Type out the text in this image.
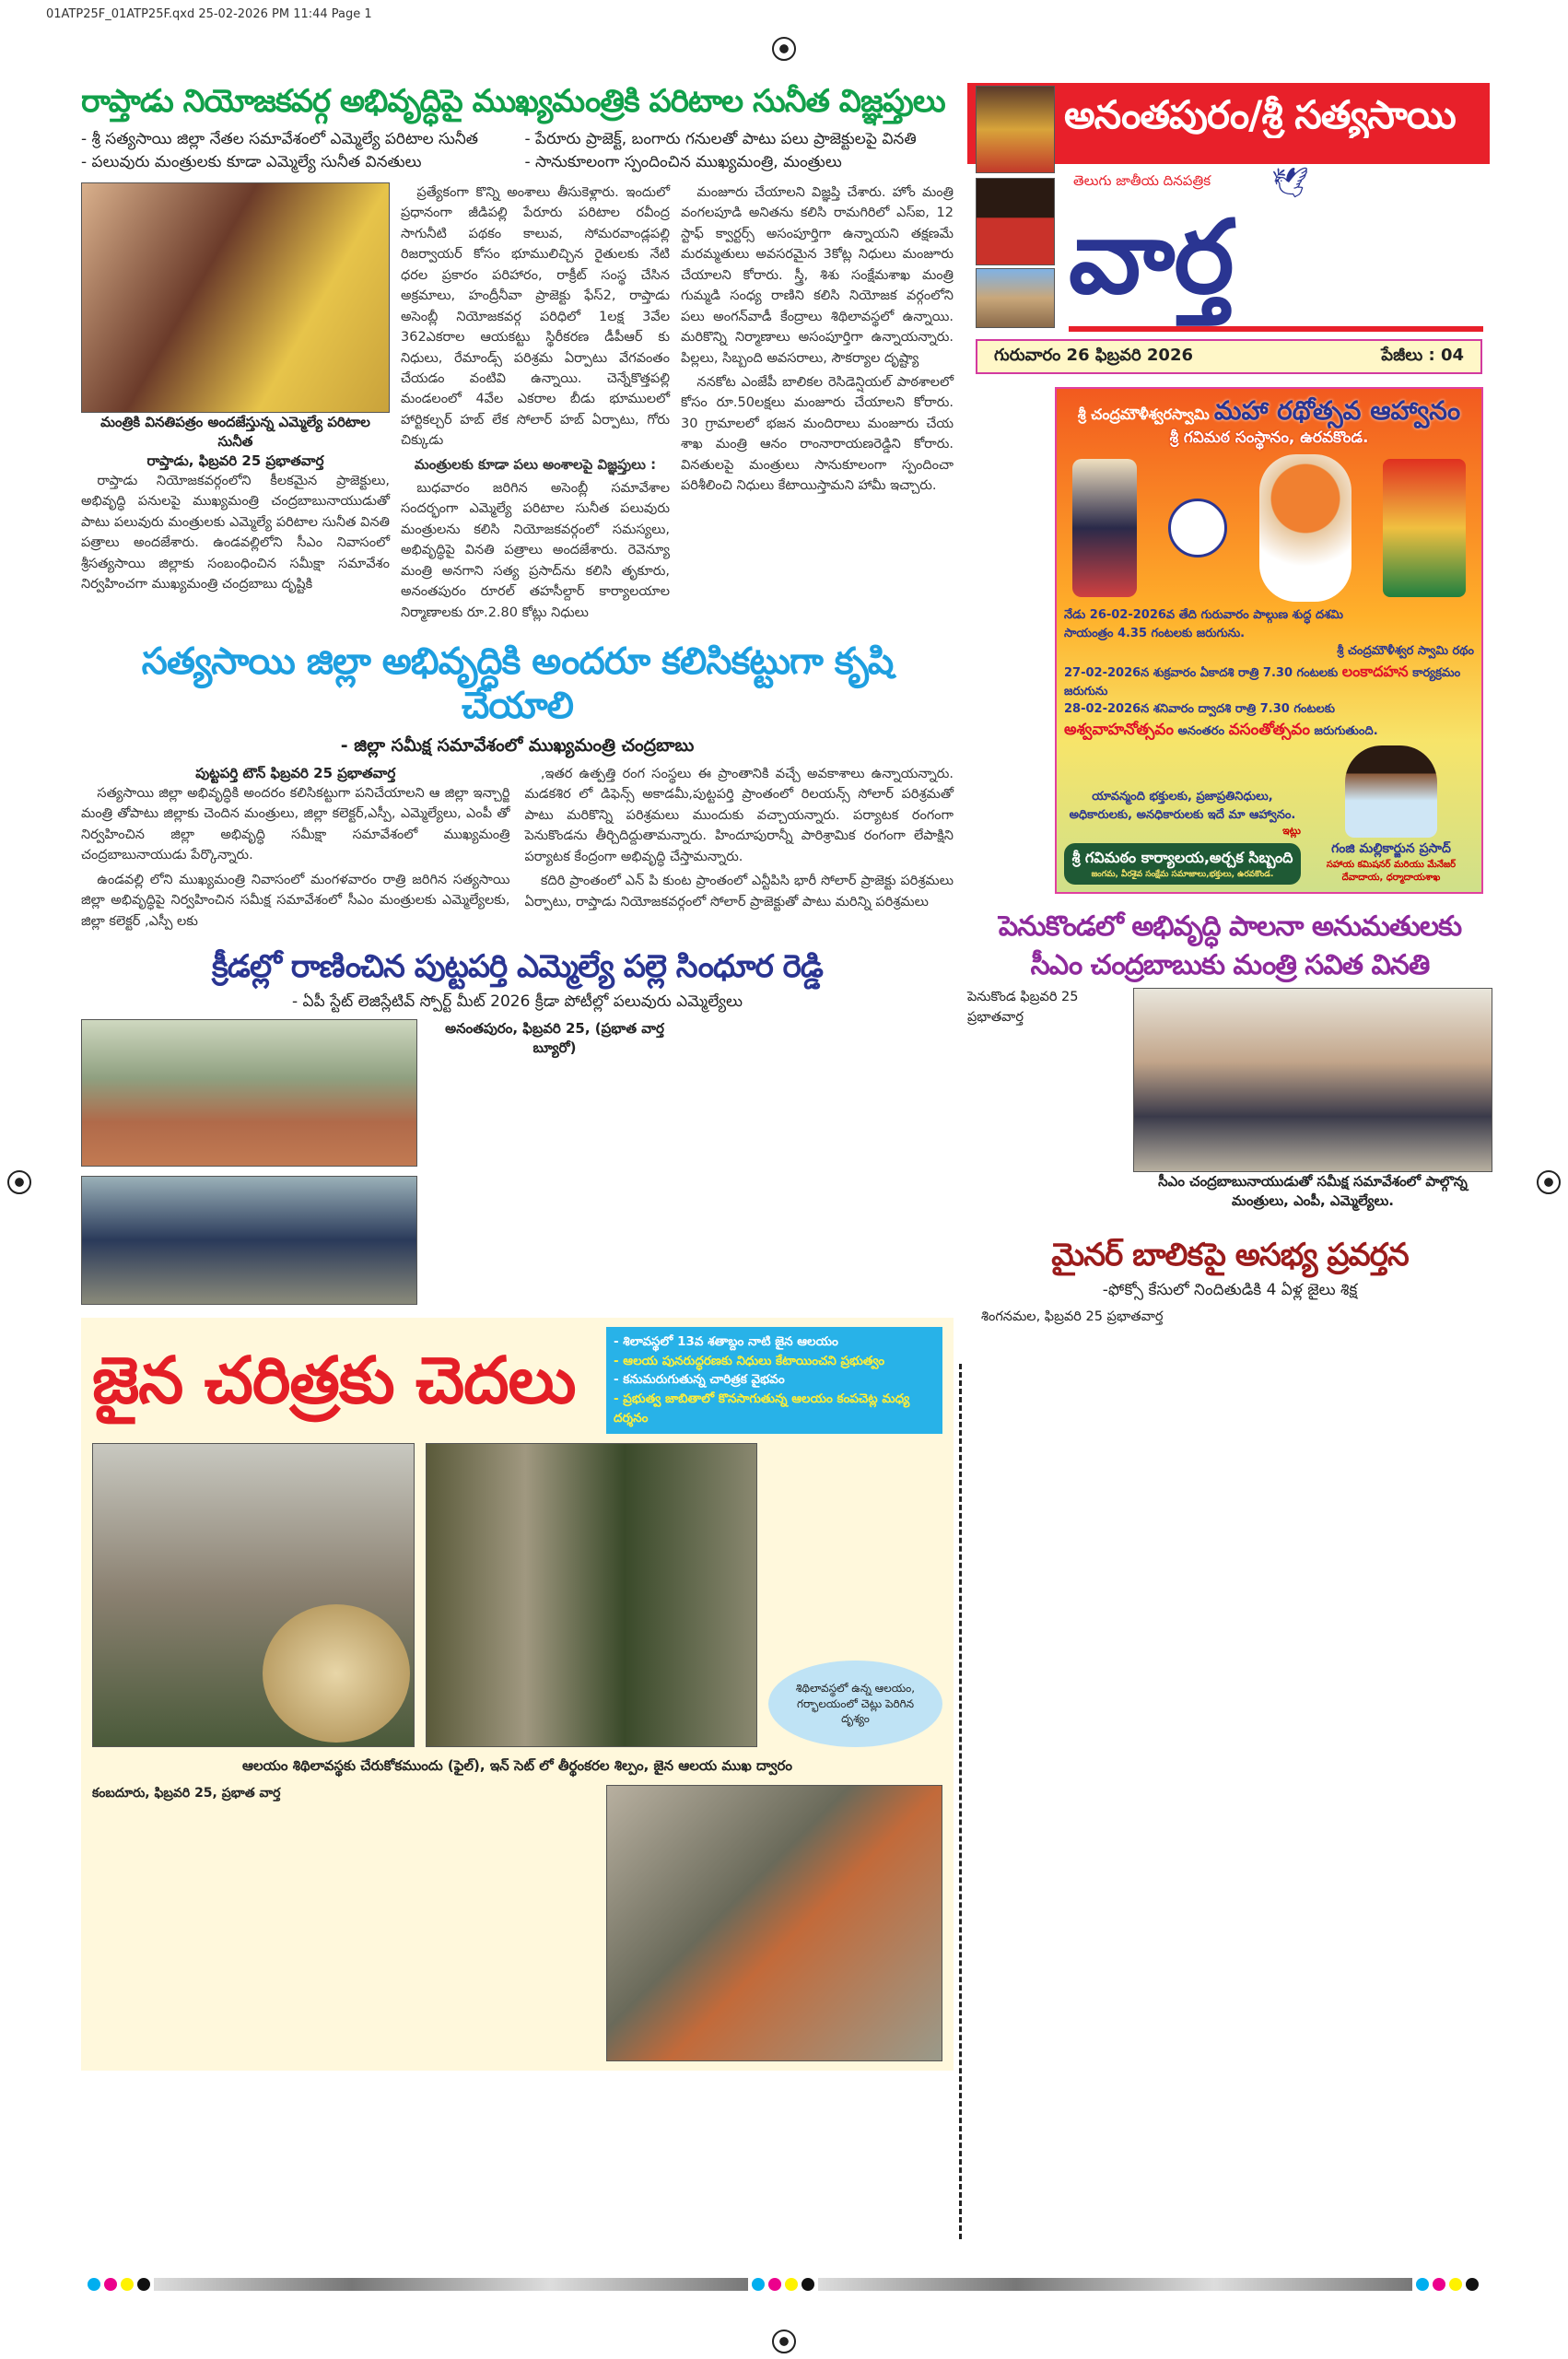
01ATP25F_01ATP25F.qxd 25-02-2026 PM 11:44 Page 1
రాప్తాడు నియోజకవర్గ అభివృద్ధిపై ముఖ్యమంత్రికి పరిటాల సునీత విజ్ఞప్తులు
- శ్రీ సత్యసాయి జిల్లా నేతల సమావేశంలో ఎమ్మెల్యే పరిటాల సునీత	- పేరూరు ప్రాజెక్ట్, బంగారు గనులతో పాటు పలు ప్రాజెక్టులపై వినతి
- పలువురు మంత్రులకు కూడా ఎమ్మెల్యే సునీత వినతులు	- సానుకూలంగా స్పందించిన ముఖ్యమంత్రి, మంత్రులు
మంత్రికి వినతిపత్రం అందజేస్తున్న ఎమ్మెల్యే పరిటాల సునీత
రాప్తాడు, ఫిబ్రవరి 25 ప్రభాతవార్త

రాప్తాడు నియోజకవర్గంలోని కీలకమైన ప్రాజెక్టులు, అభివృద్ధి పనులపై ముఖ్యమంత్రి చంద్రబాబునాయుడుతో పాటు పలువురు మంత్రులకు ఎమ్మెల్యే పరిటాల సునీత వినతి పత్రాలు అందజేశారు. ఉండవల్లిలోని సీఎం నివాసంలో శ్రీసత్యసాయి జిల్లాకు సంబంధించిన సమీక్షా సమావేశం నిర్వహించగా ముఖ్యమంత్రి చంద్రబాబు దృష్టికి

ప్రత్యేకంగా కొన్ని అంశాలు తీసుకెళ్లారు. ఇందులో ప్రధానంగా జీడిపల్లి పేరూరు పరిటాల రవీంద్ర సాగునీటి పథకం కాలువ, సోమరవాండ్లపల్లి రిజర్వాయర్ కోసం భూములిచ్చిన రైతులకు నేటి ధరల ప్రకారం పరిహారం, రాక్రీట్ సంస్థ చేసిన అక్రమాలు, హంద్రీనీవా ప్రాజెక్టు ఫేస్2, రాప్తాడు అసెంబ్లీ నియోజకవర్గ పరిధిలో 1లక్ష 3వేల 362ఎకరాల ఆయకట్టు స్థిరీకరణ డీపీఆర్ కు నిధులు, రేమాండ్స్ పరిశ్రమ ఏర్పాటు వేగవంతం చేయడం వంటివి ఉన్నాయి. చెన్నేకొత్తపల్లి మండలంలో 4వేల ఎకరాల బీడు భూములలో హార్టికల్చర్ హబ్ లేక సోలార్ హబ్ ఏర్పాటు, గోరు చిక్కుడు

మంత్రులకు కూడా పలు అంశాలపై విజ్ఞప్తులు :

బుధవారం జరిగిన అసెంబ్లీ సమావేశాల సందర్భంగా ఎమ్మెల్యే పరిటాల సునీత పలువురు మంత్రులను కలిసి నియోజకవర్గంలో సమస్యలు, అభివృద్ధిపై వినతి పత్రాలు అందజేశారు. రెవెన్యూ మంత్రి అనగాని సత్య ప్రసాద్‌ను కలిసి తృకూరు, అనంతపురం రూరల్ తహసీల్దార్ కార్యాలయాల నిర్మాణాలకు రూ.2.80 కోట్లు నిధులు

మంజూరు చేయాలని విజ్ఞప్తి చేశారు. హోం మంత్రి వంగలపూడి అనితను కలిసి రామగిరిలో ఎస్ఐ, 12 స్టాఫ్ క్వార్టర్స్ అసంపూర్తిగా ఉన్నాయని తక్షణమే మరమ్మతులు అవసరమైన 3కోట్ల నిధులు మంజూరు చేయాలని కోరారు. స్త్రీ, శిశు సంక్షేమశాఖ మంత్రి గుమ్మడి సంధ్య రాణిని కలిసి నియోజక వర్గంలోని పలు అంగన్‌వాడీ కేంద్రాలు శిథిలావస్థలో ఉన్నాయి. మరికొన్ని నిర్మాణాలు అసంపూర్తిగా ఉన్నాయన్నారు. పిల్లలు, సిబ్బంది అవసరాలు, సౌకర్యాల దృష్ట్యా

ననకోట ఎంజేపీ బాలికల రెసిడెన్షియల్ పాఠశాలలో కోసం రూ.50లక్షలు మంజూరు చేయాలని కోరారు. 30 గ్రామాలలో భజన మందిరాలు మంజూరు చేయ శాఖ మంత్రి ఆనం రాంనారాయణరెడ్డిని కోరారు. వినతులపై మంత్రులు సానుకూలంగా స్పందించా పరిశీలించి నిధులు కేటాయిస్తామని హామీ ఇచ్చారు.

సత్యసాయి జిల్లా అభివృద్ధికి అందరూ కలిసికట్టుగా కృషి చేయాలి
- జిల్లా సమీక్ష సమావేశంలో ముఖ్యమంత్రి చంద్రబాబు
పుట్టపర్తి టౌన్ ఫిబ్రవరి 25 ప్రభాతవార్త

సత్యసాయి జిల్లా అభివృద్ధికి అందరం కలిసికట్టుగా పనిచేయాలని ఆ జిల్లా ఇన్చార్జి మంత్రి తోపాటు జిల్లాకు చెందిన మంత్రులు, జిల్లా కలెక్టర్,ఎస్పీ, ఎమ్మెల్యేలు, ఎంపీ తో నిర్వహించిన జిల్లా అభివృద్ధి సమీక్షా సమావేశంలో ముఖ్యమంత్రి చంద్రబాబునాయుడు పేర్కొన్నారు.

ఉండవల్లి లోని ముఖ్యమంత్రి నివాసంలో మంగళవారం రాత్రి జరిగిన సత్యసాయి జిల్లా అభివృద్ధిపై నిర్వహించిన సమీక్ష సమావేశంలో సీఎం మంత్రులకు ఎమ్మెల్యేలకు, జిల్లా కలెక్టర్ ,ఎస్పీ లకు

,ఇతర ఉత్పత్తి రంగ సంస్థలు ఈ ప్రాంతానికి వచ్చే అవకాశాలు ఉన్నాయన్నారు. మడకశిర లో డిఫెన్స్ అకాడమీ,పుట్టపర్తి ప్రాంతంలో రిలయన్స్ సోలార్ పరిశ్రమతో పాటు మరికొన్ని పరిశ్రమలు ముందుకు వచ్చాయన్నారు. పర్యాటక రంగంగా పెనుకొండను తీర్చిదిద్దుతామన్నారు. హిందూపురాన్నీ పారిశ్రామిక రంగంగా లేపాక్షిని పర్యాటక కేంద్రంగా అభివృద్ధి చేస్తామన్నారు.

కదిరి ప్రాంతంలో ఎన్ పి కుంట ప్రాంతంలో ఎన్టీపిసి భారీ సోలార్ ప్రాజెక్టు పరిశ్రమలు ఏర్పాటు, రాప్తాడు నియోజకవర్గంలో సోలార్ ప్రాజెక్టుతో పాటు మరిన్ని పరిశ్రమలు

క్రీడల్లో రాణించిన పుట్టపర్తి ఎమ్మెల్యే పల్లె సింధూర రెడ్డి
- ఏపీ స్టేట్ లెజిస్లేటివ్ స్పోర్ట్ మీట్ 2026 క్రీడా పోటీల్లో పలువురు ఎమ్మెల్యేలు
అనంతపురం, ఫిబ్రవరి 25, (ప్రభాత వార్త బ్యూరో)
జైన చరిత్రకు చెదలు
- శిలావస్థలో 13వ శతాబ్దం నాటి జైన ఆలయం
- ఆలయ పునరుద్ధరణకు నిధులు కేటాయించని ప్రభుత్వం
- కనుమరుగుతున్న చారిత్రక వైభవం
- ప్రభుత్వ జాబితాలో కొనసాగుతున్న ఆలయం కంపచెట్ల మధ్య దర్శనం
శిథిలావస్థలో ఉన్న ఆలయం, గర్భాలయంలో చెట్లు పెరిగిన దృశ్యం
ఆలయం శిథిలావస్థకు చేరుకోకముందు (ఫైల్), ఇన్ సెట్ లో తీర్థంకరల శిల్పం, జైన ఆలయ ముఖ ద్వారం
కంబదూరు, ఫిబ్రవరి 25, ప్రభాత వార్త
అనంతపురం/శ్రీ సత్యసాయి
🕊
తెలుగు జాతీయ దినపత్రిక
వార్త
గురువారం 26 ఫిబ్రవరి 2026	పేజీలు : 04
శ్రీ చంద్రమౌళీశ్వరస్వామి మహా రథోత్సవ ఆహ్వానం
శ్రీ గవిమఠ సంస్థానం, ఉరవకొండ.
నేడు 26-02-2026వ తేది గురువారం పాల్గుణ శుద్ధ దశమి
సాయంత్రం 4.35 గంటలకు జరుగును.
శ్రీ చంద్రమౌళీశ్వర స్వామి రథం
27-02-2026న శుక్రవారం ఏకాదశి రాత్రి 7.30 గంటలకు లంకాదహన కార్యక్రమం జరుగును
28-02-2026న శనివారం ద్వాదశి రాత్రి 7.30 గంటలకు
అశ్వవాహనోత్సవం అనంతరం వసంతోత్సవం జరుగుతుంది.
యావన్మంది భక్తులకు, ప్రజాప్రతినిధులు,
అధికారులకు, అనధికారులకు ఇదే మా ఆహ్వానం.
ఇట్లు
శ్రీ గవిమఠం కార్యాలయ,అర్చక సిబ్బంది
జంగమ, వీరశైవ సంక్షేమ సమాజాలు,భక్తులు, ఉరవకొండ.
గంజి మల్లికార్జున ప్రసాద్
సహాయ కమిషనర్ మరియు మేనేజర్
దేవాదాయ, ధర్మాదాయశాఖ
పెనుకొండలో అభివృద్ధి పాలనా అనుమతులకు
సీఎం చంద్రబాబుకు మంత్రి సవిత వినతి
పెనుకొండ ఫిబ్రవరి 25 ప్రభాతవార్త
సీఎం చంద్రబాబునాయుడుతో సమీక్ష సమావేశంలో పాల్గొన్న మంత్రులు, ఎంపీ, ఎమ్మెల్యేలు.
మైనర్ బాలికపై అసభ్య ప్రవర్తన
-ఫోక్సో కేసులో నిందితుడికి 4 ఏళ్ల జైలు శిక్ష
శింగనమల, ఫిబ్రవరి 25 ప్రభాతవార్త
